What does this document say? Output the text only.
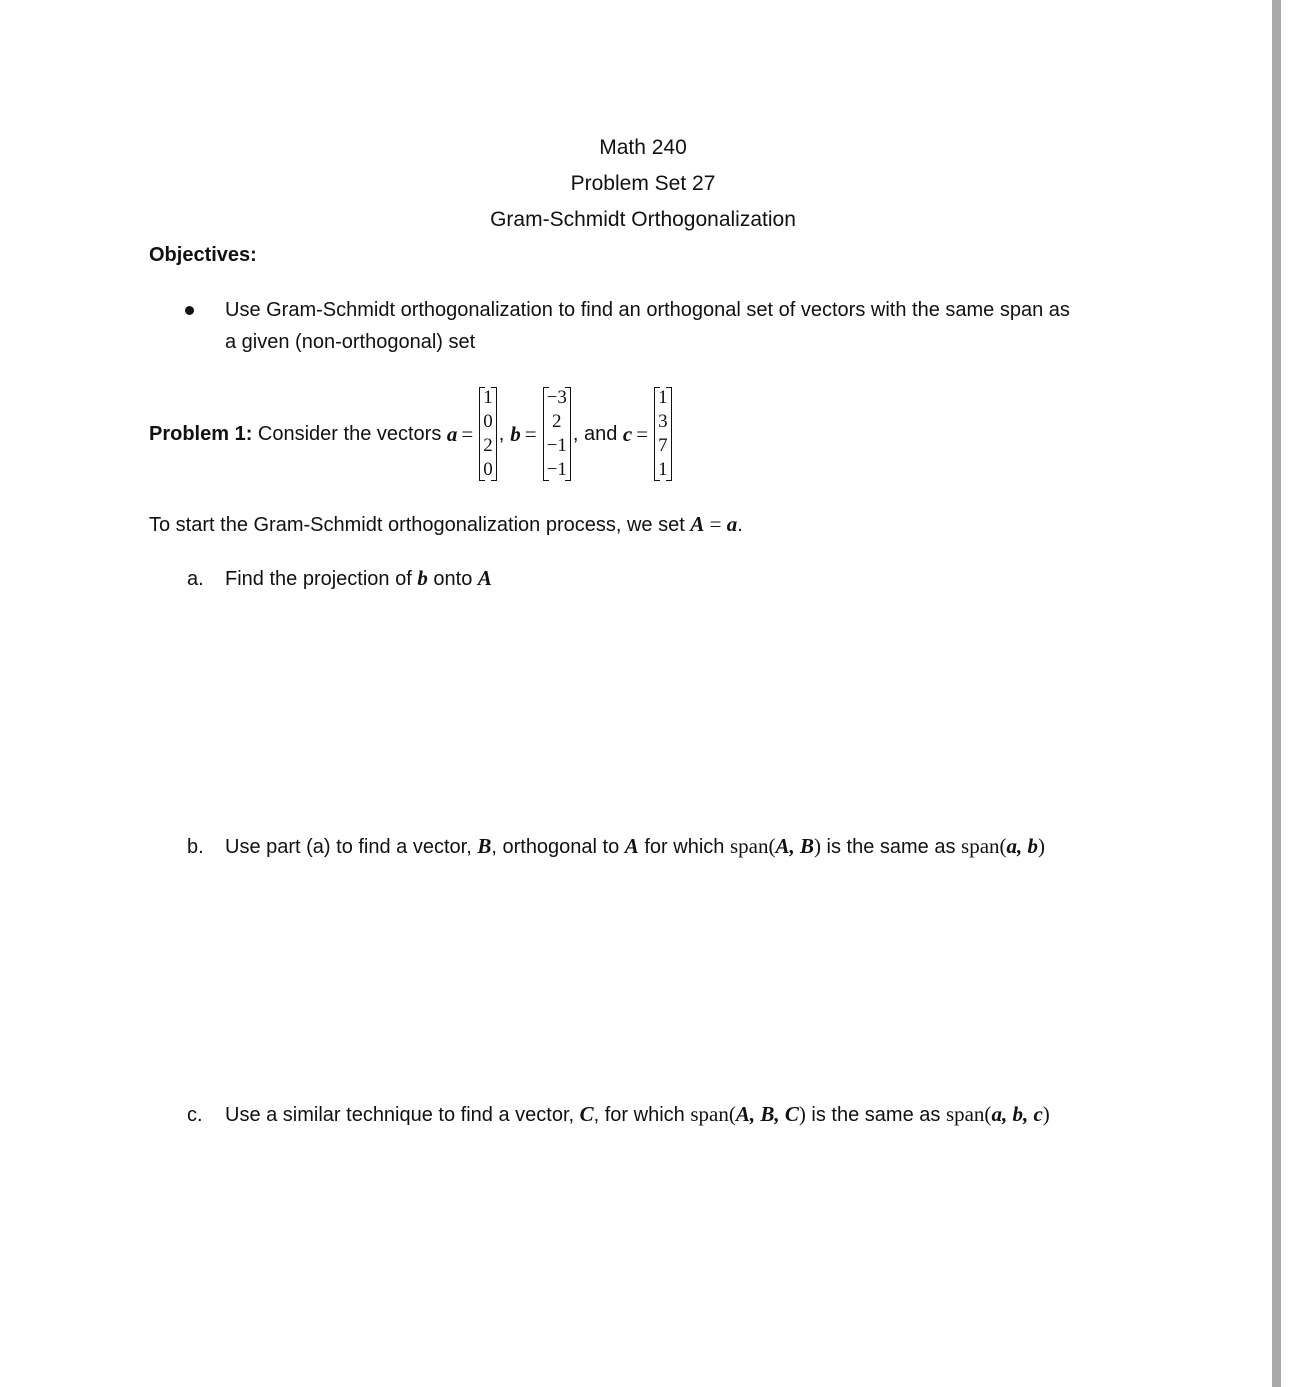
Math 240
Problem Set 27
Gram-Schmidt Orthogonalization
Objectives:
Use Gram-Schmidt orthogonalization to find an orthogonal set of vectors with the same span as
a given (non-orthogonal) set
Problem 1: Consider the vectors a =
1
0
2
0
, b =
−3
2
−1
−1
, and c =
1
3
7
1
To start the Gram-Schmidt orthogonalization process, we set A = a.
a. Find the projection of b onto A
b. Use part (a) to find a vector, B, orthogonal to A for which span(A, B) is the same as span(a, b)
c. Use a similar technique to find a vector, C, for which span(A, B, C) is the same as span(a, b, c)
